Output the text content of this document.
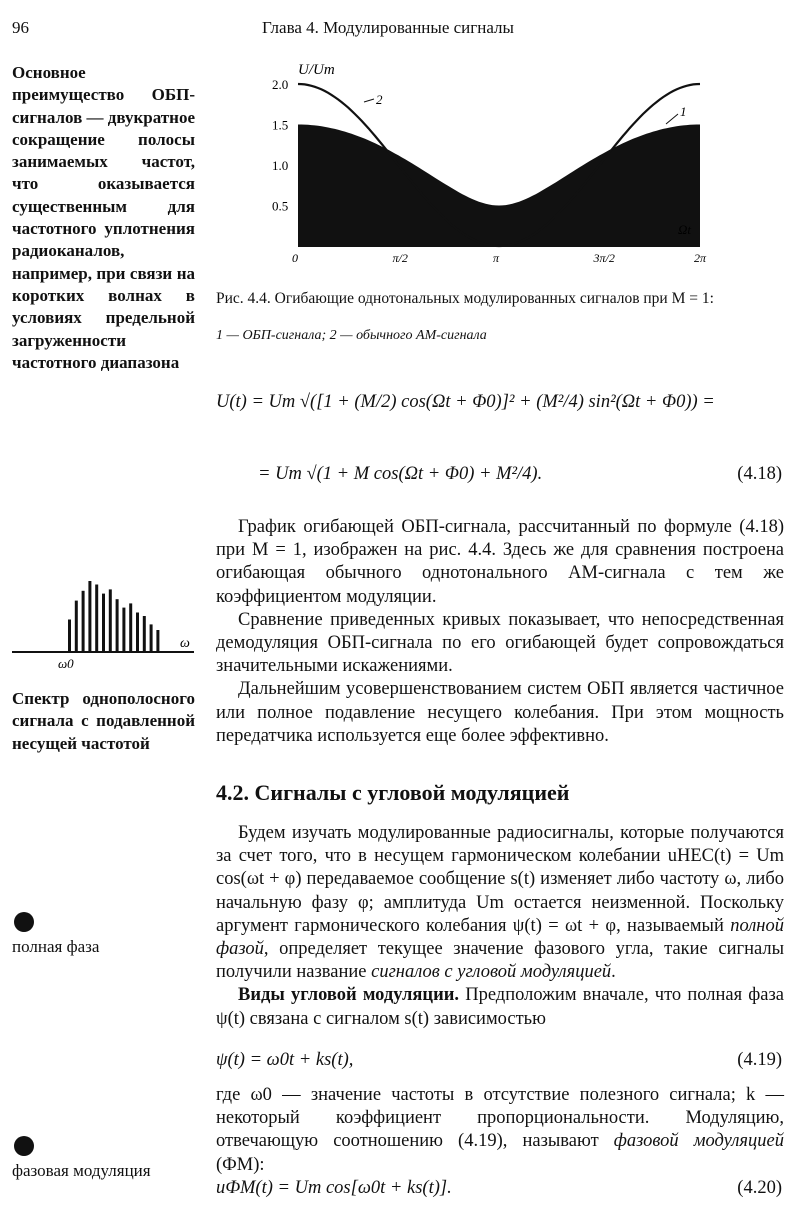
96	Глава 4. Модулированные сигналы
Основное преимущество ОБП-сигналов — двукратное сокращение полосы занимаемых частот, что оказывается существенным для частотного уплотнения радиоканалов, например, при связи на коротких волнах в условиях предельной загруженности частотного диапазона
ω
ω0
Спектр однополосного сигнала с подавленной несущей частотой
полная фаза
фазовая модуляция
0.5
1.0
1.5
2.0
U/Um
Ωt
0	π/2	π	3π/2	2π
2
1
Рис. 4.4. Огибающие однотональных модулированных сигналов при M = 1:
1 — ОБП-сигнала; 2 — обычного АМ-сигнала
U(t) = Um √([1 + (M/2) cos(Ωt + Φ0)]² + (M²/4) sin²(Ωt + Φ0)) =
= Um √(1 + M cos(Ωt + Φ0) + M²/4).	(4.18)

График огибающей ОБП-сигнала, рассчитанный по формуле (4.18) при M = 1, изображен на рис. 4.4. Здесь же для сравнения построена огибающая обычного однотонального АМ-сигнала с тем же коэффициентом модуляции.

Сравнение приведенных кривых показывает, что непосредственная демодуляция ОБП-сигнала по его огибающей будет сопровождаться значительными искажениями.

Дальнейшим усовершенствованием систем ОБП является частичное или полное подавление несущего колебания. При этом мощность передатчика используется еще более эффективно.

4.2. Сигналы с угловой модуляцией

Будем изучать модулированные радиосигналы, которые получаются за счет того, что в несущем гармоническом колебании uНЕС(t) = Um cos(ωt + φ) передаваемое сообщение s(t) изменяет либо частоту ω, либо начальную фазу φ; амплитуда Um остается неизменной. Поскольку аргумент гармонического колебания ψ(t) = ωt + φ, называемый полной фазой, определяет текущее значение фазового угла, такие сигналы получили название сигналов с угловой модуляцией.

Виды угловой модуляции. Предположим вначале, что полная фаза ψ(t) связана с сигналом s(t) зависимостью

ψ(t) = ω0t + ks(t),	(4.19)

где ω0 — значение частоты в отсутствие полезного сигнала; k — некоторый коэффициент пропорциональности. Модуляцию, отвечающую соотношению (4.19), называют фазовой модуляцией (ФМ):

uФМ(t) = Um cos[ω0t + ks(t)].	(4.20)
